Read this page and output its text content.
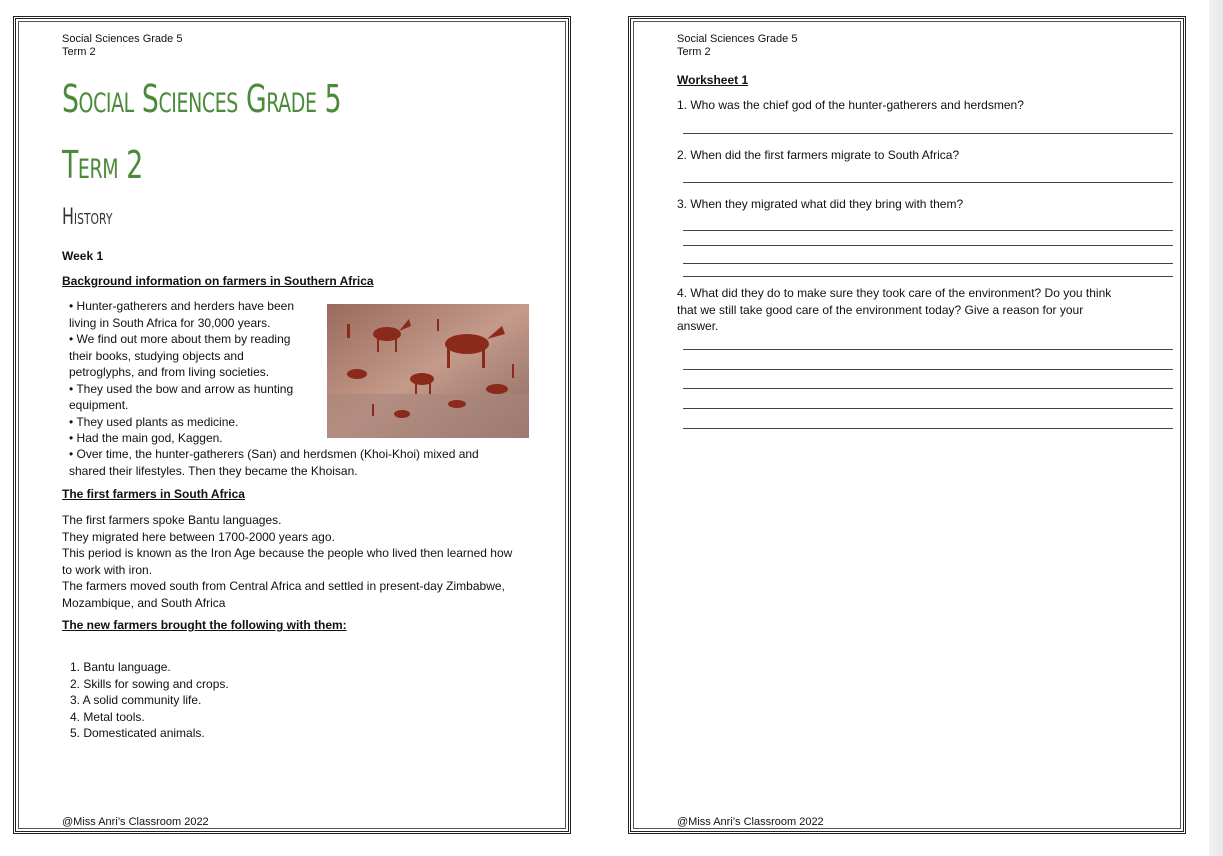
Social Sciences Grade 5
Term 2
Social Sciences Grade 5
Term 2
History
Week 1
Background information on farmers in Southern Africa
• Hunter-gatherers and herders have been
living in South Africa for 30,000 years.
• We find out more about them by reading
their books, studying objects and
petroglyphs, and from living societies.
• They used the bow and arrow as hunting
equipment.
• They used plants as medicine.
• Had the main god, Kaggen.
• Over time, the hunter-gatherers (San) and herdsmen (Khoi-Khoi) mixed and
shared their lifestyles. Then they became the Khoisan.
The first farmers in South Africa
The first farmers spoke Bantu languages.
They migrated here between 1700-2000 years ago.
This period is known as the Iron Age because the people who lived then learned how
to work with iron.
The farmers moved south from Central Africa and settled in present-day Zimbabwe,
Mozambique, and South Africa
The new farmers brought the following with them:
1. Bantu language.
2. Skills for sowing and crops.
3. A solid community life.
4. Metal tools.
5. Domesticated animals.
@Miss Anri’s Classroom 2022
Social Sciences Grade 5
Term 2
Worksheet 1
1. Who was the chief god of the hunter-gatherers and herdsmen?
2. When did the first farmers migrate to South Africa?
3. When they migrated what did they bring with them?
4. What did they do to make sure they took care of the environment? Do you think
that we still take good care of the environment today? Give a reason for your
answer.
@Miss Anri’s Classroom 2022
